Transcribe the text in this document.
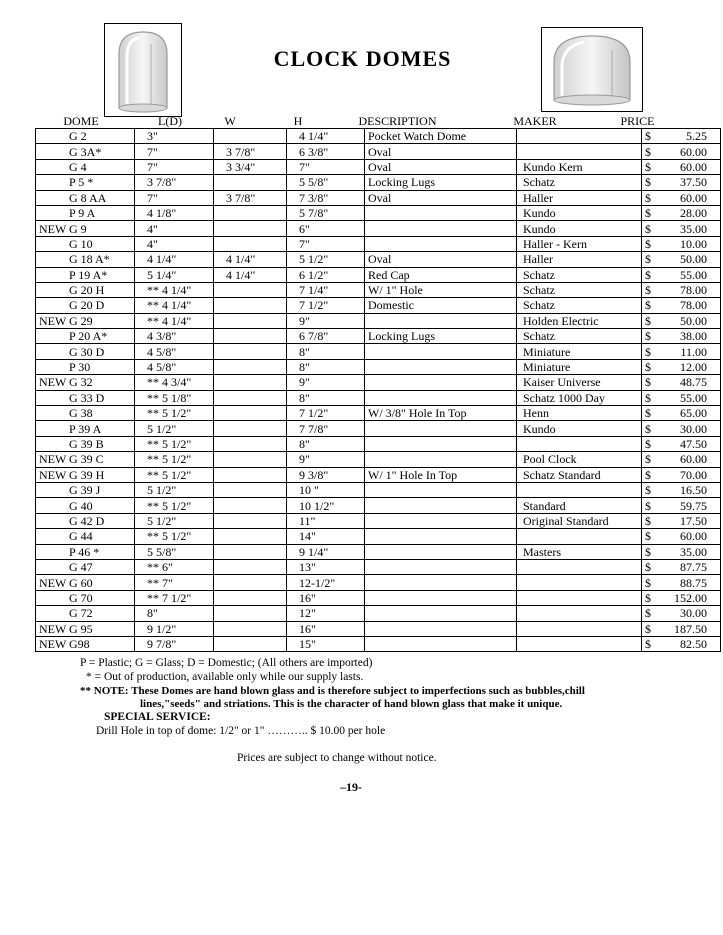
CLOCK DOMES
DOME	L(D)	W	H	DESCRIPTION	MAKER	PRICE
G 2	3"		4 1/4"	Pocket Watch Dome		$ 5.25
G 3A*	7"	3 7/8"	6 3/8"	Oval		$ 60.00
G 4	7"	3 3/4"	7"	Oval	Kundo Kern	$ 60.00
P 5 *	3 7/8"		5 5/8"	Locking Lugs	Schatz	$ 37.50
G 8 AA	7"	3 7/8"	7 3/8"	Oval	Haller	$ 60.00
P 9 A	4 1/8"		5 7/8"		Kundo	$ 28.00
NEW G 9	4"		6"		Kundo	$ 35.00
G 10	4"		7"		Haller - Kern	$ 10.00
G 18 A*	4 1/4"	4 1/4"	5 1/2"	Oval	Haller	$ 50.00
P 19 A*	5 1/4"	4 1/4"	6 1/2"	Red Cap	Schatz	$ 55.00
G 20 H	** 4 1/4"		7 1/4"	W/ 1" Hole	Schatz	$ 78.00
G 20 D	** 4 1/4"		7 1/2"	Domestic	Schatz	$ 78.00
NEW G 29	** 4 1/4"		9"		Holden Electric	$ 50.00
P 20 A*	4 3/8"		6 7/8"	Locking Lugs	Schatz	$ 38.00
G 30 D	4 5/8"		8"		Miniature	$ 11.00
P 30	4 5/8"		8"		Miniature	$ 12.00
NEW G 32	** 4 3/4"		9"		Kaiser Universe	$ 48.75
G 33 D	** 5 1/8"		8"		Schatz 1000 Day	$ 55.00
G 38	** 5 1/2"		7 1/2"	W/ 3/8" Hole In Top	Henn	$ 65.00
P 39 A	5 1/2"		7 7/8"		Kundo	$ 30.00
G 39 B	** 5 1/2"		8"			$ 47.50
NEW G 39 C	** 5 1/2"		9"		Pool Clock	$ 60.00
NEW G 39 H	** 5 1/2"		9 3/8"	W/ 1" Hole In Top	Schatz Standard	$ 70.00
G 39 J	5 1/2"		10 "			$ 16.50
G 40	** 5 1/2"		10 1/2"		Standard	$ 59.75
G 42 D	5 1/2"		11"		Original Standard	$ 17.50
G 44	** 5 1/2"		14"			$ 60.00
P 46 *	5 5/8"		9 1/4"		Masters	$ 35.00
G 47	** 6"		13"			$ 87.75
NEW G 60	** 7"		12-1/2"			$ 88.75
G 70	** 7 1/2"		16"			$ 152.00
G 72	8"		12"			$ 30.00
NEW G 95	9 1/2"		16"			$ 187.50
NEW G98	9 7/8"		15"			$ 82.50
P = Plastic; G = Glass; D = Domestic; (All others are imported)
* = Out of production, available only while our supply lasts.
** NOTE: These Domes are hand blown glass and is therefore subject to imperfections such as bubbles,chill
lines,"seeds" and striations. This is the character of hand blown glass that make it unique.
SPECIAL SERVICE:
Drill Hole in top of dome: 1/2" or 1" ……….. $ 10.00 per hole
Prices are subject to change without notice.
–19-
